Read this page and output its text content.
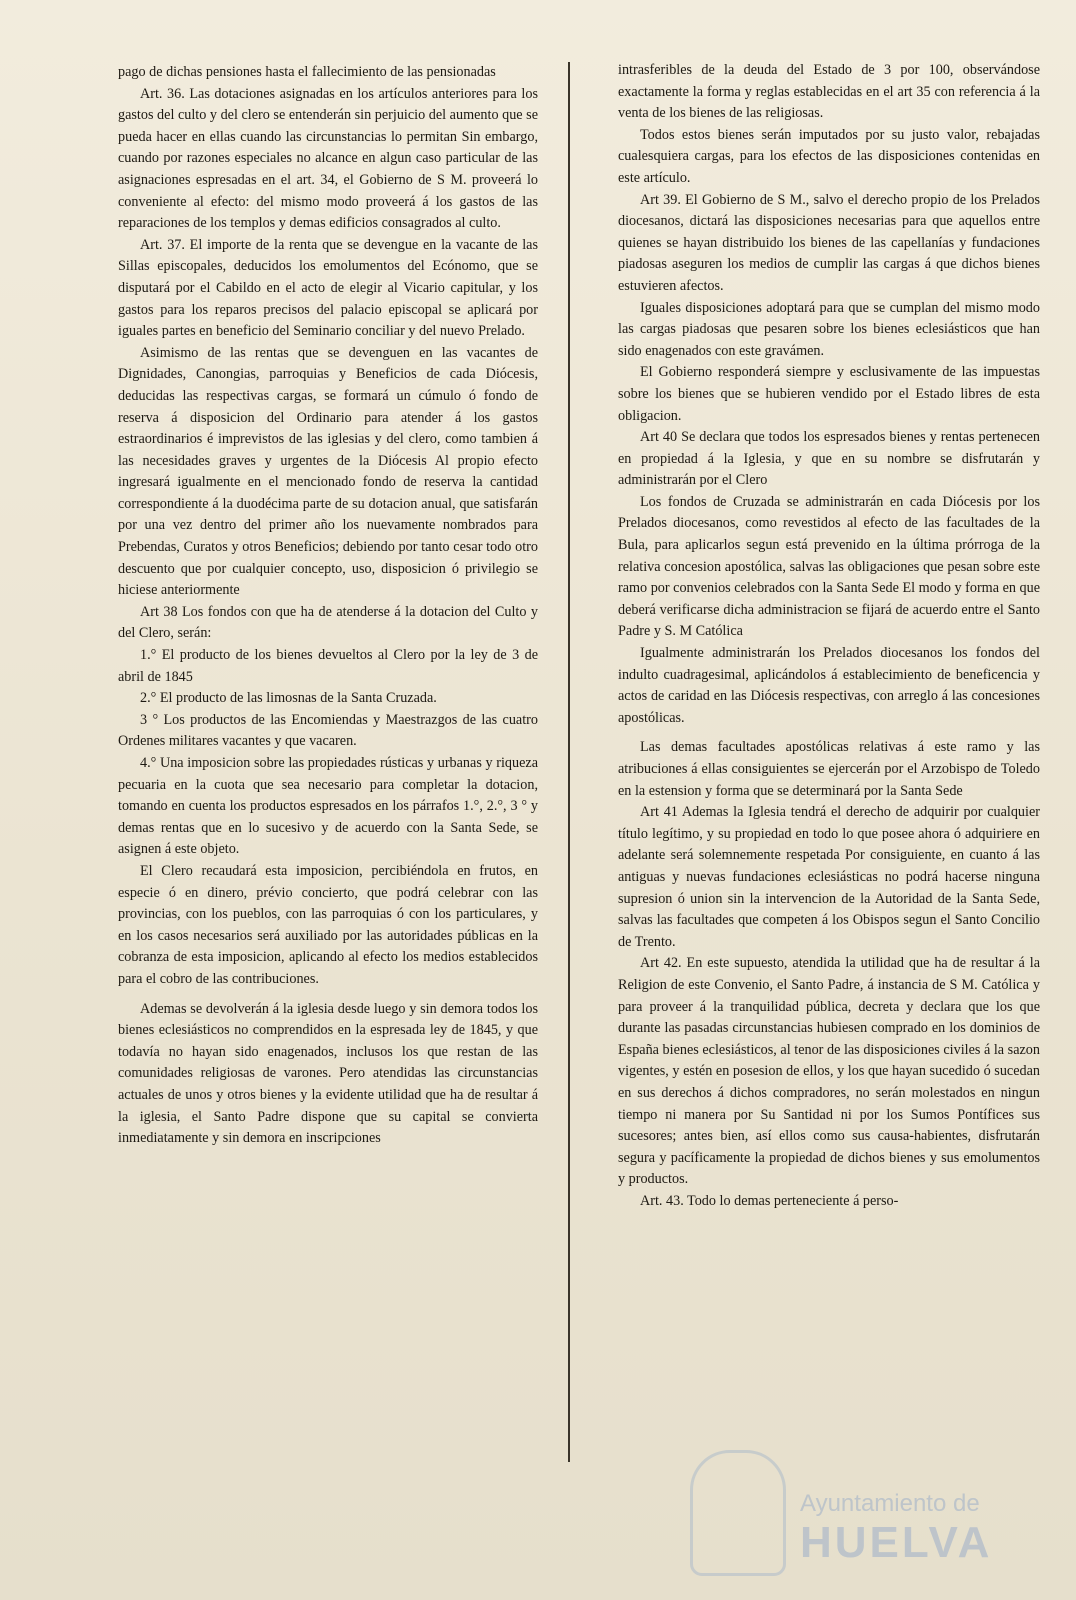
pago de dichas pensiones hasta el fallecimiento de las pensionadas

Art. 36. Las dotaciones asignadas en los artículos anteriores para los gastos del culto y del clero se entenderán sin perjuicio del aumento que se pueda hacer en ellas cuando las circunstancias lo permitan Sin embargo, cuando por razones especiales no alcance en algun caso particular de las asignaciones espresadas en el art. 34, el Gobierno de S M. proveerá lo conveniente al efecto: del mismo modo proveerá á los gastos de las reparaciones de los templos y demas edificios consagrados al culto.

Art. 37. El importe de la renta que se devengue en la vacante de las Sillas episcopales, deducidos los emolumentos del Ecónomo, que se disputará por el Cabildo en el acto de elegir al Vicario capitular, y los gastos para los reparos precisos del palacio episcopal se aplicará por iguales partes en beneficio del Seminario conciliar y del nuevo Prelado.

Asimismo de las rentas que se devenguen en las vacantes de Dignidades, Canongias, parroquias y Beneficios de cada Diócesis, deducidas las respectivas cargas, se formará un cúmulo ó fondo de reserva á disposicion del Ordinario para atender á los gastos estraordinarios é imprevistos de las iglesias y del clero, como tambien á las necesidades graves y urgentes de la Diócesis Al propio efecto ingresará igualmente en el mencionado fondo de reserva la cantidad correspondiente á la duodécima parte de su dotacion anual, que satisfarán por una vez dentro del primer año los nuevamente nombrados para Prebendas, Curatos y otros Beneficios; debiendo por tanto cesar todo otro descuento que por cualquier concepto, uso, disposicion ó privilegio se hiciese anteriormente

Art 38 Los fondos con que ha de atenderse á la dotacion del Culto y del Clero, serán:

1.° El producto de los bienes devueltos al Clero por la ley de 3 de abril de 1845

2.° El producto de las limosnas de la Santa Cruzada.

3 ° Los productos de las Encomiendas y Maestrazgos de las cuatro Ordenes militares vacantes y que vacaren.

4.° Una imposicion sobre las propiedades rústicas y urbanas y riqueza pecuaria en la cuota que sea necesario para completar la dotacion, tomando en cuenta los productos espresados en los párrafos 1.°, 2.°, 3 ° y demas rentas que en lo sucesivo y de acuerdo con la Santa Sede, se asignen á este objeto.

El Clero recaudará esta imposicion, percibiéndola en frutos, en especie ó en dinero, prévio concierto, que podrá celebrar con las provincias, con los pueblos, con las parroquias ó con los particulares, y en los casos necesarios será auxiliado por las autoridades públicas en la cobranza de esta imposicion, aplicando al efecto los medios establecidos para el cobro de las contribuciones.

Ademas se devolverán á la iglesia desde luego y sin demora todos los bienes eclesiásticos no comprendidos en la espresada ley de 1845, y que todavía no hayan sido enagenados, inclusos los que restan de las comunidades religiosas de varones. Pero atendidas las circunstancias actuales de unos y otros bienes y la evidente utilidad que ha de resultar á la iglesia, el Santo Padre dispone que su capital se convierta inmediatamente y sin demora en inscripciones

intrasferibles de la deuda del Estado de 3 por 100, observándose exactamente la forma y reglas establecidas en el art 35 con referencia á la venta de los bienes de las religiosas.

Todos estos bienes serán imputados por su justo valor, rebajadas cualesquiera cargas, para los efectos de las disposiciones contenidas en este artículo.

Art 39. El Gobierno de S M., salvo el derecho propio de los Prelados diocesanos, dictará las disposiciones necesarias para que aquellos entre quienes se hayan distribuido los bienes de las capellanías y fundaciones piadosas aseguren los medios de cumplir las cargas á que dichos bienes estuvieren afectos.

Iguales disposiciones adoptará para que se cumplan del mismo modo las cargas piadosas que pesaren sobre los bienes eclesiásticos que han sido enagenados con este gravámen.

El Gobierno responderá siempre y esclusivamente de las impuestas sobre los bienes que se hubieren vendido por el Estado libres de esta obligacion.

Art 40 Se declara que todos los espresados bienes y rentas pertenecen en propiedad á la Iglesia, y que en su nombre se disfrutarán y administrarán por el Clero

Los fondos de Cruzada se administrarán en cada Diócesis por los Prelados diocesanos, como revestidos al efecto de las facultades de la Bula, para aplicarlos segun está prevenido en la última prórroga de la relativa concesion apostólica, salvas las obligaciones que pesan sobre este ramo por convenios celebrados con la Santa Sede El modo y forma en que deberá verificarse dicha administracion se fijará de acuerdo entre el Santo Padre y S. M Católica

Igualmente administrarán los Prelados diocesanos los fondos del indulto cuadragesimal, aplicándolos á establecimiento de beneficencia y actos de caridad en las Diócesis respectivas, con arreglo á las concesiones apostólicas.

Las demas facultades apostólicas relativas á este ramo y las atribuciones á ellas consiguientes se ejercerán por el Arzobispo de Toledo en la estension y forma que se determinará por la Santa Sede

Art 41 Ademas la Iglesia tendrá el derecho de adquirir por cualquier título legítimo, y su propiedad en todo lo que posee ahora ó adquiriere en adelante será solemnemente respetada Por consiguiente, en cuanto á las antiguas y nuevas fundaciones eclesiásticas no podrá hacerse ninguna supresion ó union sin la intervencion de la Autoridad de la Santa Sede, salvas las facultades que competen á los Obispos segun el Santo Concilio de Trento.

Art 42. En este supuesto, atendida la utilidad que ha de resultar á la Religion de este Convenio, el Santo Padre, á instancia de S M. Católica y para proveer á la tranquilidad pública, decreta y declara que los que durante las pasadas circunstancias hubiesen comprado en los dominios de España bienes eclesiásticos, al tenor de las disposiciones civiles á la sazon vigentes, y estén en posesion de ellos, y los que hayan sucedido ó sucedan en sus derechos á dichos compradores, no serán molestados en ningun tiempo ni manera por Su Santidad ni por los Sumos Pontífices sus sucesores; antes bien, así ellos como sus causa-habientes, disfrutarán segura y pacíficamente la propiedad de dichos bienes y sus emolumentos y productos.

Art. 43. Todo lo demas perteneciente á perso-

Ayuntamiento de
HUELVA
